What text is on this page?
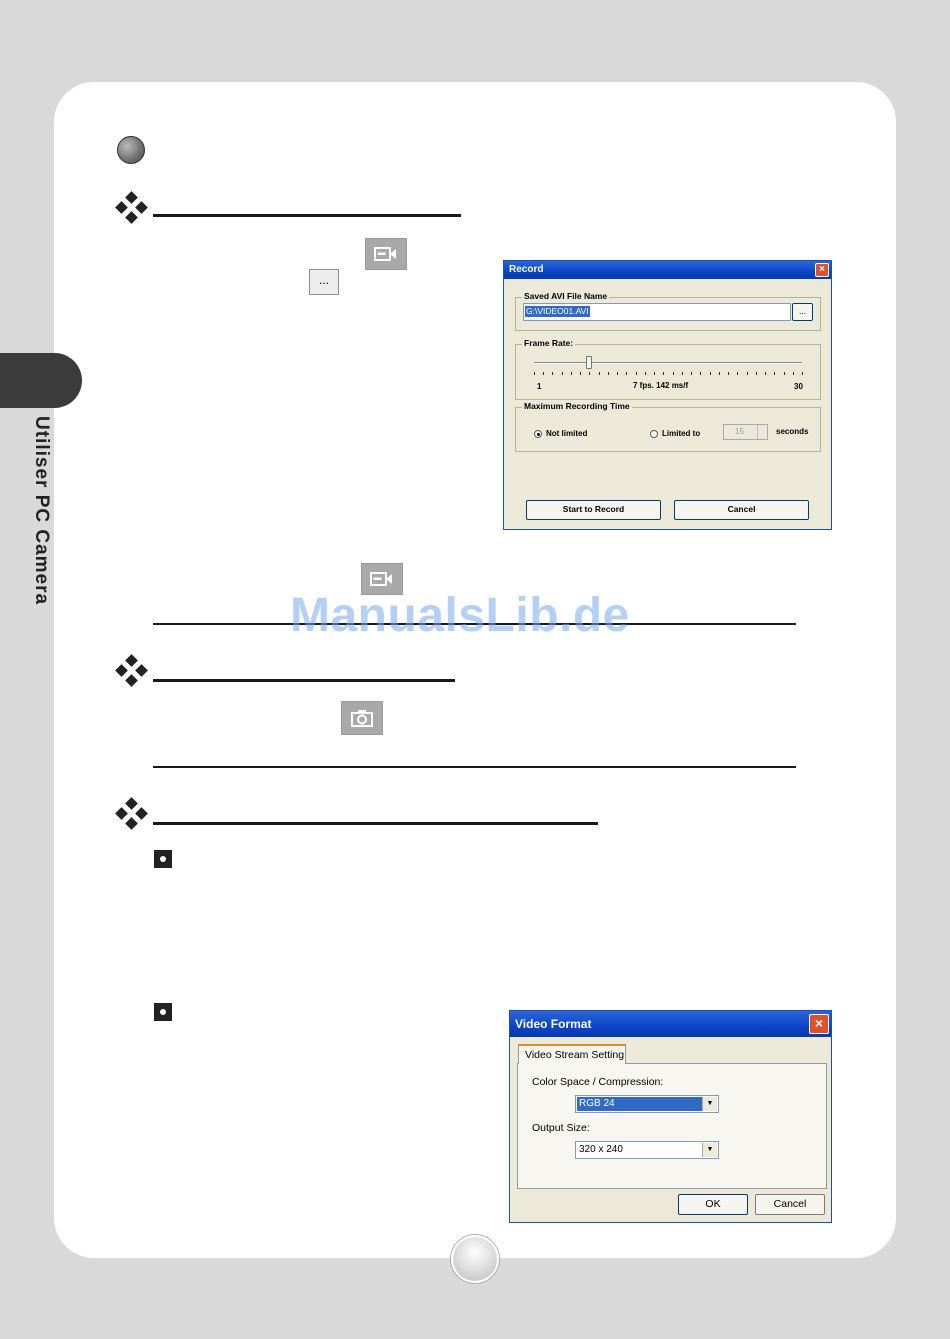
Utiliser PC Camera
...
Record	×
Saved AVI File Name
G:\VIDEO01.AVI	...
Frame Rate:
1	7 fps. 142 ms/f	30
Maximum Recording Time
Not limited	Limited to	15	seconds
Start to Record	Cancel
Video Format	×
Video Stream Setting
Color Space / Compression:
RGB 24	▼
Output Size:
320 x 240	▼
OK	Cancel
ManualsLib.de
